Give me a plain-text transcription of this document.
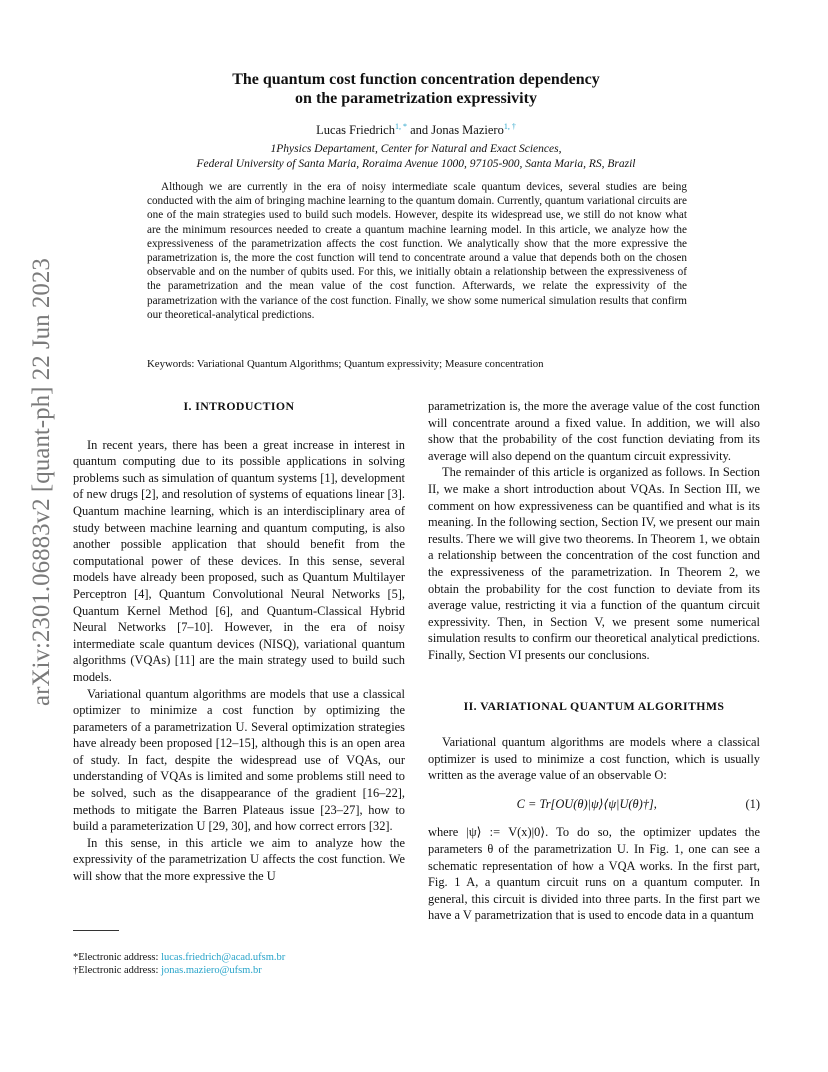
arXiv:2301.06883v2 [quant-ph] 22 Jun 2023
The quantum cost function concentration dependency
on the parametrization expressivity
Lucas Friedrich$^{1, *}$ and Jonas Maziero$^{1, \dagger}$
1Physics Departament, Center for Natural and Exact Sciences,
Federal University of Santa Maria, Roraima Avenue 1000, 97105-900, Santa Maria, RS, Brazil

Although we are currently in the era of noisy intermediate scale quantum devices, several studies are being conducted with the aim of bringing machine learning to the quantum domain. Currently, quantum variational circuits are one of the main strategies used to build such models. However, despite its widespread use, we still do not know what are the minimum resources needed to create a quantum machine learning model. In this article, we analyze how the expressiveness of the parametrization affects the cost function. We analytically show that the more expressive the parametrization is, the more the cost function will tend to concentrate around a value that depends both on the chosen observable and on the number of qubits used. For this, we initially obtain a relationship between the expressiveness of the parametrization and the mean value of the cost function. Afterwards, we relate the expressivity of the parametrization with the variance of the cost function. Finally, we show some numerical simulation results that confirm our theoretical-analytical predictions.

Keywords: Variational Quantum Algorithms; Quantum expressivity; Measure concentration
I. INTRODUCTION

In recent years, there has been a great increase in interest in quantum computing due to its possible applications in solving problems such as simulation of quantum systems [1], development of new drugs [2], and resolution of systems of equations linear [3]. Quantum machine learning, which is an interdisciplinary area of study between machine learning and quantum computing, is also another possible application that should benefit from the computational power of these devices. In this sense, several models have already been proposed, such as Quantum Multilayer Perceptron [4], Quantum Convolutional Neural Networks [5], Quantum Kernel Method [6], and Quantum-Classical Hybrid Neural Networks [7–10]. However, in the era of noisy intermediate scale quantum devices (NISQ), variational quantum algorithms (VQAs) [11] are the main strategy used to build such models.

Variational quantum algorithms are models that use a classical optimizer to minimize a cost function by optimizing the parameters of a parametrization U. Several optimization strategies have already been proposed [12–15], although this is an open area of study. In fact, despite the widespread use of VQAs, our understanding of VQAs is limited and some problems still need to be solved, such as the disappearance of the gradient [16–22], methods to mitigate the Barren Plateaus issue [23–27], how to build a parameterization U [29, 30], and how correct errors [32].

In this sense, in this article we aim to analyze how the expressivity of the parametrization U affects the cost function. We will show that the more expressive the U

parametrization is, the more the average value of the cost function will concentrate around a fixed value. In addition, we will also show that the probability of the cost function deviating from its average will also depend on the quantum circuit expressivity.

The remainder of this article is organized as follows. In Section II, we make a short introduction about VQAs. In Section III, we comment on how expressiveness can be quantified and what is its meaning. In the following section, Section IV, we present our main results. There we will give two theorems. In Theorem 1, we obtain a relationship between the concentration of the cost function and the expressiveness of the parametrization. In Theorem 2, we obtain the probability for the cost function to deviate from its average value, restricting it via a function of the quantum circuit expressivity. Then, in Section V, we present some numerical simulation results to confirm our theoretical analytical predictions. Finally, Section VI presents our conclusions.

II. VARIATIONAL QUANTUM ALGORITHMS

Variational quantum algorithms are models where a classical optimizer is used to minimize a cost function, which is usually written as the average value of an observable O:

C = Tr[OU(θ)|ψ⟩⟨ψ|U(θ)†],	(1)

where |ψ⟩ := V(x)|0⟩. To do so, the optimizer updates the parameters θ of the parametrization U. In Fig. 1, one can see a schematic representation of how a VQA works. In the first part, Fig. 1 A, a quantum circuit runs on a quantum computer. In general, this circuit is divided into three parts. In the first part we have a V parametrization that is used to encode data in a quantum

*Electronic address: lucas.friedrich@acad.ufsm.br
†Electronic address: jonas.maziero@ufsm.br
